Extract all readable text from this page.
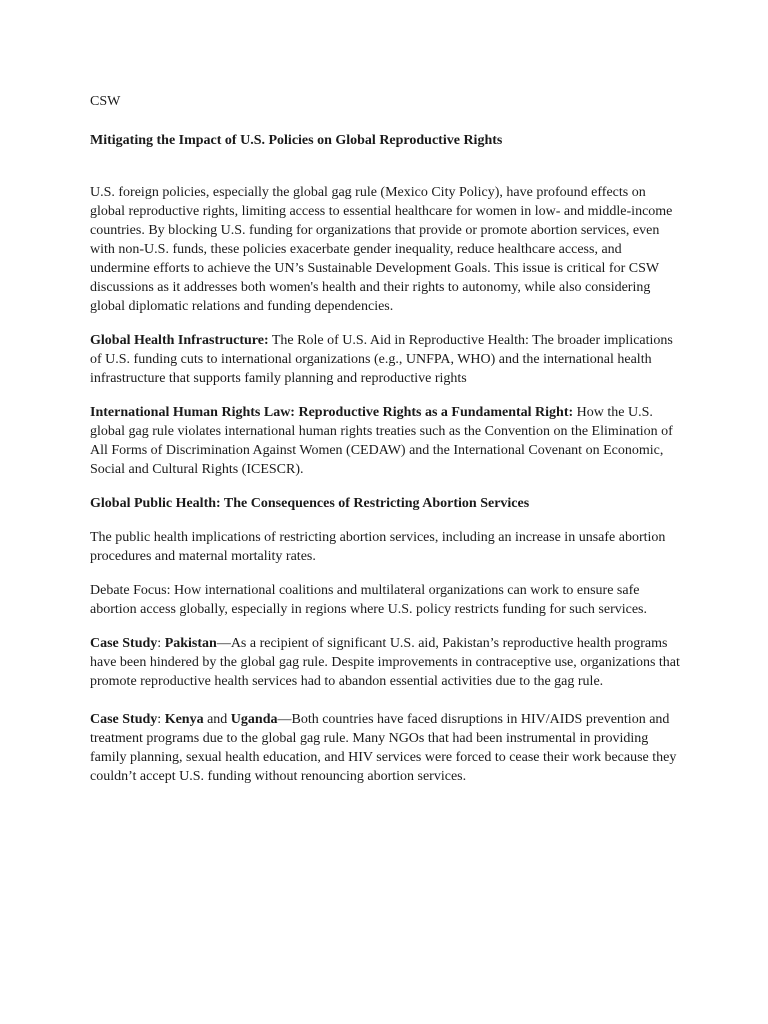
CSW

Mitigating the Impact of U.S. Policies on Global Reproductive Rights

U.S. foreign policies, especially the global gag rule (Mexico City Policy), have profound effects on global reproductive rights, limiting access to essential healthcare for women in low- and middle-income countries. By blocking U.S. funding for organizations that provide or promote abortion services, even with non-U.S. funds, these policies exacerbate gender inequality, reduce healthcare access, and undermine efforts to achieve the UN’s Sustainable Development Goals. This issue is critical for CSW discussions as it addresses both women's health and their rights to autonomy, while also considering global diplomatic relations and funding dependencies.

Global Health Infrastructure: The Role of U.S. Aid in Reproductive Health: The broader implications of U.S. funding cuts to international organizations (e.g., UNFPA, WHO) and the international health infrastructure that supports family planning and reproductive rights

International Human Rights Law: Reproductive Rights as a Fundamental Right: How the U.S. global gag rule violates international human rights treaties such as the Convention on the Elimination of All Forms of Discrimination Against Women (CEDAW) and the International Covenant on Economic, Social and Cultural Rights (ICESCR).

Global Public Health: The Consequences of Restricting Abortion Services

The public health implications of restricting abortion services, including an increase in unsafe abortion procedures and maternal mortality rates.

Debate Focus: How international coalitions and multilateral organizations can work to ensure safe abortion access globally, especially in regions where U.S. policy restricts funding for such services.

Case Study: Pakistan—As a recipient of significant U.S. aid, Pakistan’s reproductive health programs have been hindered by the global gag rule. Despite improvements in contraceptive use, organizations that promote reproductive health services had to abandon essential activities due to the gag rule.

Case Study: Kenya and Uganda—Both countries have faced disruptions in HIV/AIDS prevention and treatment programs due to the global gag rule. Many NGOs that had been instrumental in providing family planning, sexual health education, and HIV services were forced to cease their work because they couldn’t accept U.S. funding without renouncing abortion services.
